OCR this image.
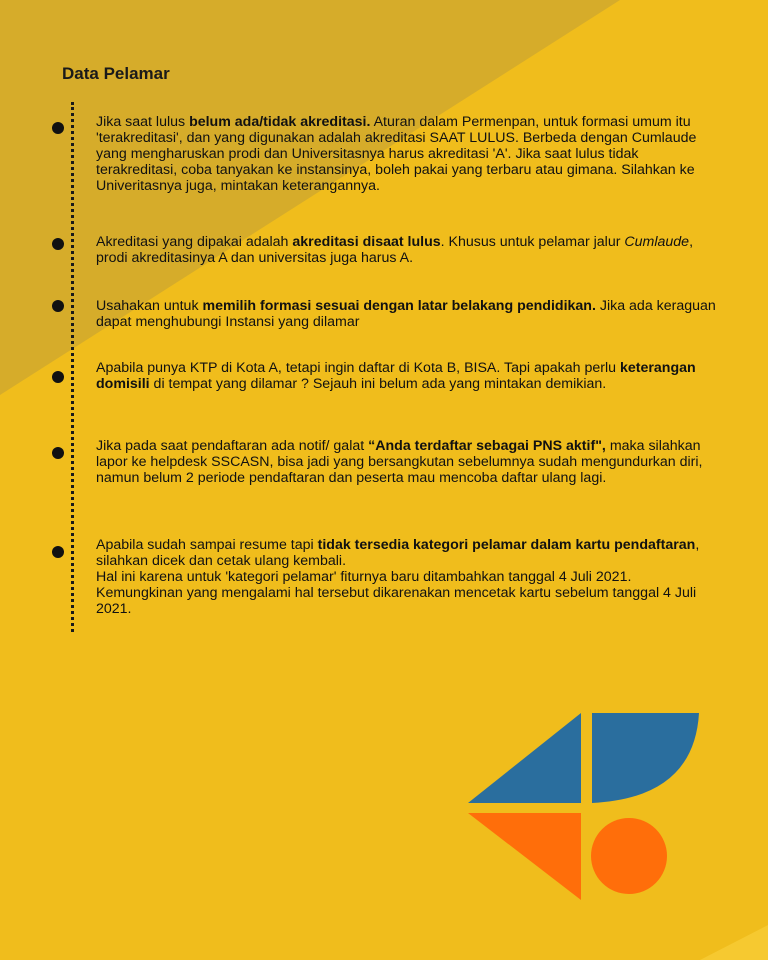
Data Pelamar
Jika saat lulus belum ada/tidak akreditasi. Aturan dalam Permenpan, untuk formasi umum itu 'terakreditasi', dan yang digunakan adalah akreditasi SAAT LULUS. Berbeda dengan Cumlaude yang mengharuskan prodi dan Universitasnya harus akreditasi 'A'. Jika saat lulus tidak terakreditasi, coba tanyakan ke instansinya, boleh pakai yang terbaru atau gimana. Silahkan ke Univeritasnya juga, mintakan keterangannya.
Akreditasi yang dipakai adalah akreditasi disaat lulus. Khusus untuk pelamar jalur Cumlaude, prodi akreditasinya A dan universitas juga harus A.
Usahakan untuk memilih formasi sesuai dengan latar belakang pendidikan. Jika ada keraguan dapat menghubungi Instansi yang dilamar
Apabila punya KTP di Kota A, tetapi ingin daftar di Kota B, BISA. Tapi apakah perlu keterangan domisili di tempat yang dilamar ? Sejauh ini belum ada yang mintakan demikian.
Jika pada saat pendaftaran ada notif/ galat “Anda terdaftar sebagai PNS aktif", maka silahkan lapor ke helpdesk SSCASN, bisa jadi yang bersangkutan sebelumnya sudah mengundurkan diri, namun belum 2 periode pendaftaran dan peserta mau mencoba daftar ulang lagi.
Apabila sudah sampai resume tapi tidak tersedia kategori pelamar dalam kartu pendaftaran, silahkan dicek dan cetak ulang kembali.
Hal ini karena untuk 'kategori pelamar' fiturnya baru ditambahkan tanggal 4 Juli 2021. Kemungkinan yang mengalami hal tersebut dikarenakan mencetak kartu sebelum tanggal 4 Juli 2021.
